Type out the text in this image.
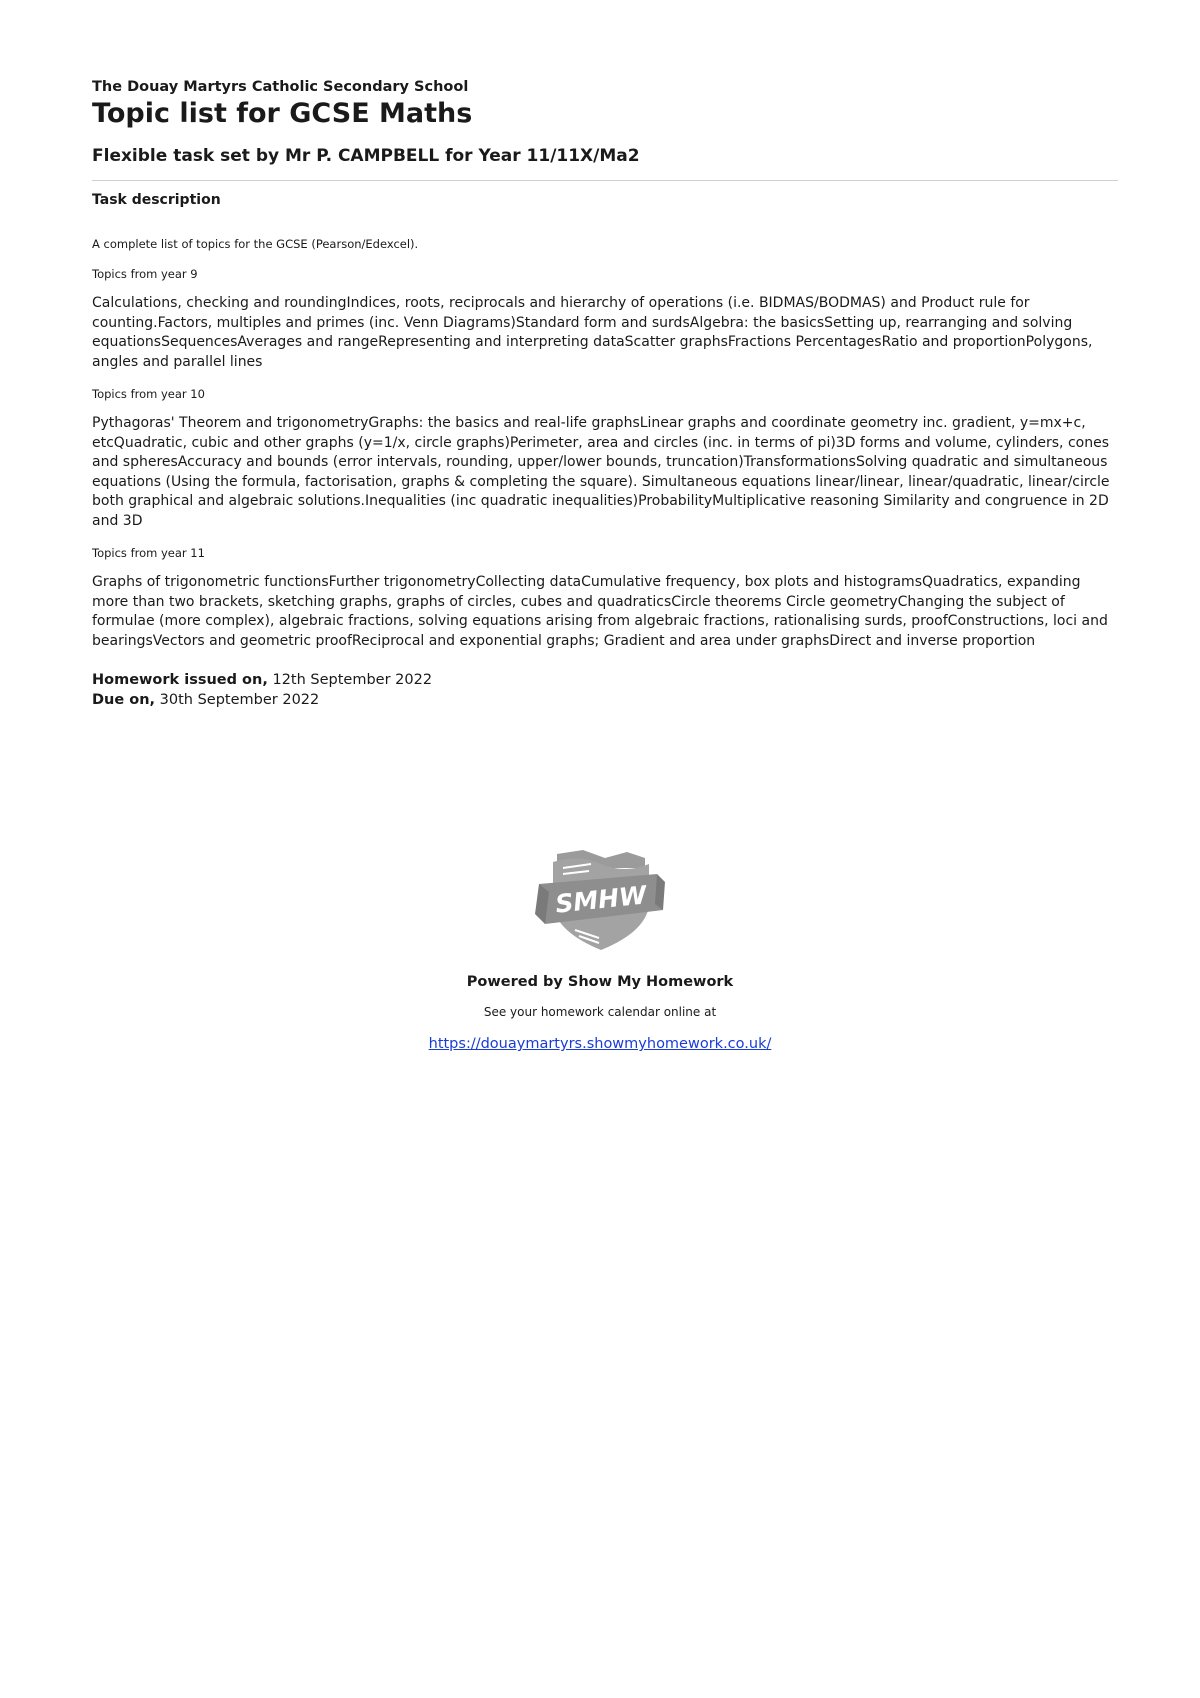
The Douay Martyrs Catholic Secondary School

Topic list for GCSE Maths
Flexible task set by Mr P. CAMPBELL for Year 11/11X/Ma2

Task description

A complete list of topics for the GCSE (Pearson/Edexcel).

Topics from year 9

Calculations, checking and roundingIndices, roots, reciprocals and hierarchy of operations (i.e. BIDMAS/BODMAS) and Product rule for counting.Factors, multiples and primes (inc. Venn Diagrams)Standard form and surdsAlgebra: the basicsSetting up, rearranging and solving equationsSequencesAverages and rangeRepresenting and interpreting dataScatter graphsFractions PercentagesRatio and proportionPolygons, angles and parallel lines

Topics from year 10

Pythagoras' Theorem and trigonometryGraphs: the basics and real-life graphsLinear graphs and coordinate geometry inc. gradient, y=mx+c, etcQuadratic, cubic and other graphs (y=1/x, circle graphs)Perimeter, area and circles (inc. in terms of pi)3D forms and volume, cylinders, cones and spheresAccuracy and bounds (error intervals, rounding, upper/lower bounds, truncation)TransformationsSolving quadratic and simultaneous equations (Using the formula, factorisation, graphs & completing the square). Simultaneous equations linear/linear, linear/quadratic, linear/circle both graphical and algebraic solutions.Inequalities (inc quadratic inequalities)ProbabilityMultiplicative reasoning Similarity and congruence in 2D and 3D

Topics from year 11

Graphs of trigonometric functionsFurther trigonometryCollecting dataCumulative frequency, box plots and histogramsQuadratics, expanding more than two brackets, sketching graphs, graphs of circles, cubes and quadraticsCircle theorems Circle geometryChanging the subject of formulae (more complex), algebraic fractions, solving equations arising from algebraic fractions, rationalising surds, proofConstructions, loci and bearingsVectors and geometric proofReciprocal and exponential graphs; Gradient and area under graphsDirect and inverse proportion

Homework issued on, 12th September 2022
Due on, 30th September 2022
SMHW

Powered by Show My Homework

See your homework calendar online at

https://douaymartyrs.showmyhomework.co.uk/
